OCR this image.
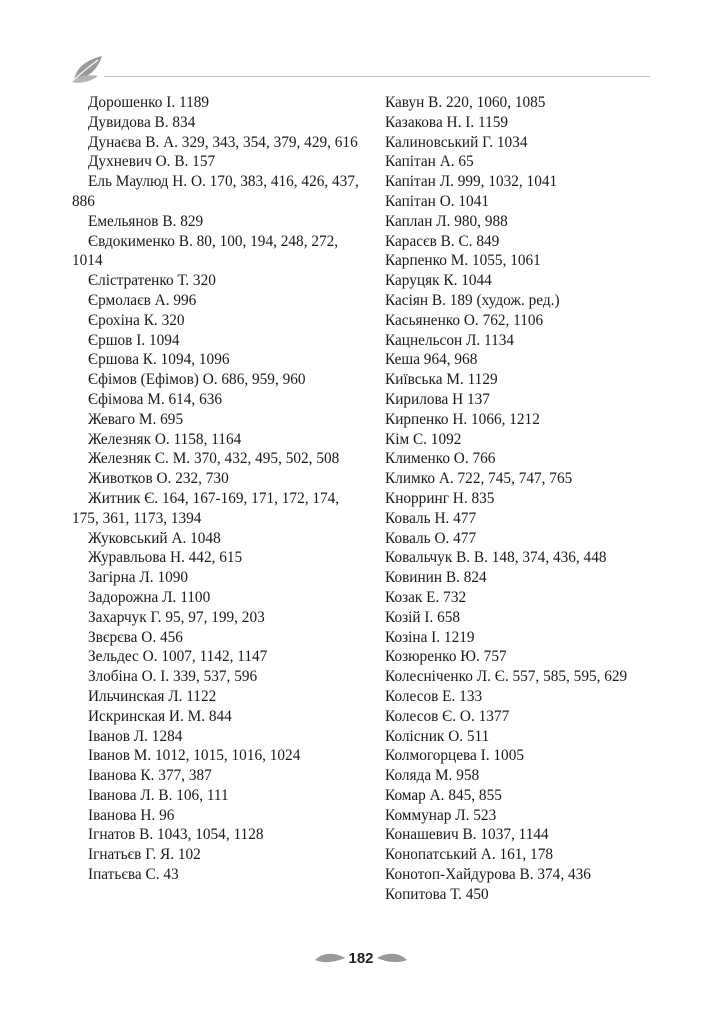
Дорошенко І. 1189
Дувидова В. 834
Дунаєва В. А. 329, 343, 354, 379, 429, 616
Духневич О. В. 157
Ель Маулюд Н. О. 170, 383, 416, 426, 437, 886
Емельянов В. 829
Євдокименко В. 80, 100, 194, 248, 272, 1014
Єлістратенко Т. 320
Єрмолаєв А. 996
Єрохіна К. 320
Єршов І. 1094
Єршова К. 1094, 1096
Єфімов (Ефімов) О. 686, 959, 960
Єфімова М. 614, 636
Жеваго М. 695
Железняк О. 1158, 1164
Железняк С. М. 370, 432, 495, 502, 508
Животков О. 232, 730
Житник Є. 164, 167-169, 171, 172, 174, 175, 361, 1173, 1394
Жуковський А. 1048
Журавльова Н. 442, 615
Загірна Л. 1090
Задорожна Л. 1100
Захарчук Г. 95, 97, 199, 203
Звєрєва О. 456
Зельдес О. 1007, 1142, 1147
Злобіна О. І. 339, 537, 596
Ильчинская Л. 1122
Искринская И. М. 844
Іванов Л. 1284
Іванов М. 1012, 1015, 1016, 1024
Іванова К. 377, 387
Іванова Л. В. 106, 111
Іванова Н. 96
Ігнатов В. 1043, 1054, 1128
Ігнатьєв Г. Я. 102
Іпатьєва С. 43
Кавун В. 220, 1060, 1085
Казакова Н. І. 1159
Калиновський Г. 1034
Капітан А. 65
Капітан Л. 999, 1032, 1041
Капітан О. 1041
Каплан Л. 980, 988
Карасєв В. С. 849
Карпенко М. 1055, 1061
Каруцяк К. 1044
Касіян В. 189 (худож. ред.)
Касьяненко О. 762, 1106
Кацнельсон Л. 1134
Кеша 964, 968
Київська М. 1129
Кирилова Н 137
Кирпенко Н. 1066, 1212
Кім С. 1092
Клименко О. 766
Климко А. 722, 745, 747, 765
Кнорринг Н. 835
Коваль Н. 477
Коваль О. 477
Ковальчук В. В. 148, 374, 436, 448
Ковинин В. 824
Козак Е. 732
Козій І. 658
Козіна І. 1219
Козюренко Ю. 757
Колесніченко Л. Є. 557, 585, 595, 629
Колесов Е. 133
Колесов Є. О. 1377
Колісник О. 511
Колмогорцева І. 1005
Коляда М. 958
Комар А. 845, 855
Коммунар Л. 523
Конашевич В. 1037, 1144
Конопатський А. 161, 178
Конотоп-Хайдурова В. 374, 436
Копитова Т. 450
182
